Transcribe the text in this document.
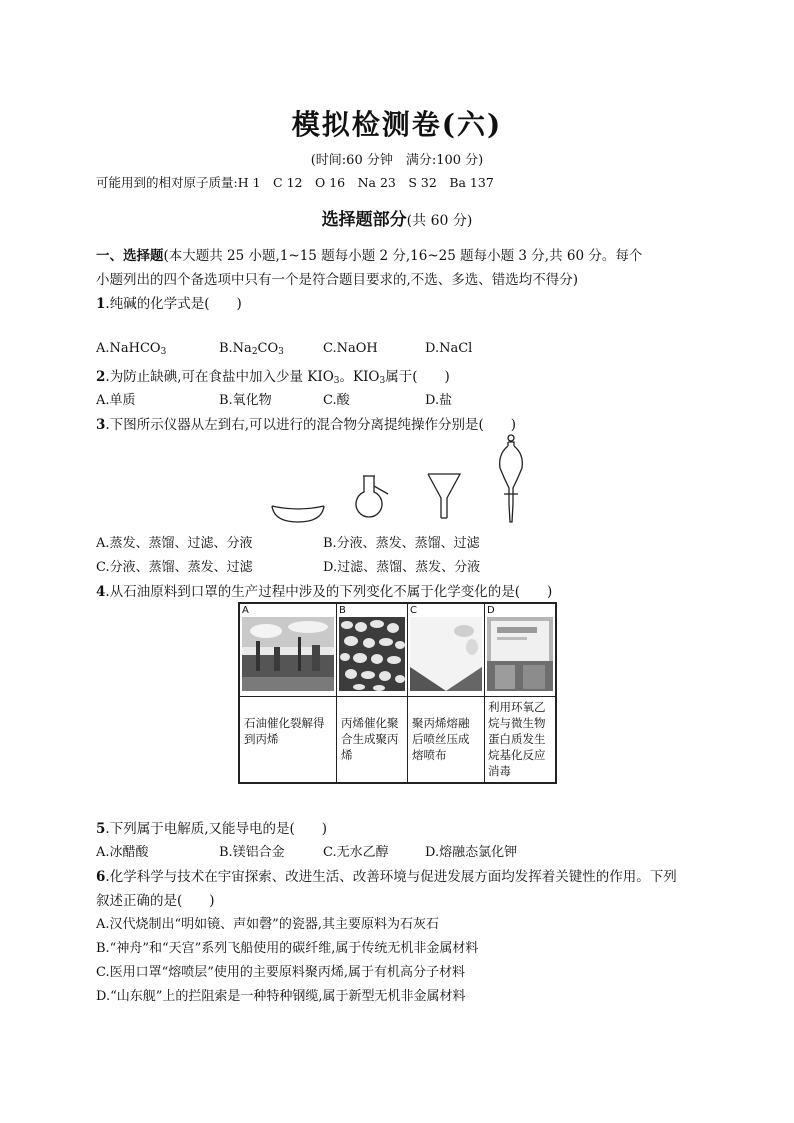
模拟检测卷(六)
(时间:60 分钟　满分:100 分)
可能用到的相对原子质量:H 1　C 12　O 16　Na 23　S 32　Ba 137
选择题部分(共 60 分)
一、选择题(本大题共 25 小题,1~15 题每小题 2 分,16~25 题每小题 3 分,共 60 分。每个
小题列出的四个备选项中只有一个是符合题目要求的,不选、多选、错选均不得分)
1.纯碱的化学式是(　　)
A.NaHCO$_3$	$B.Na_2CO_3$	C.NaOH	D.NaCl
2.为防止缺碘,可在食盐中加入少量 $KIO_3$。$KIO_3$属于(　　)
A.单质	B.氧化物	C.酸	D.盐
3.下图所示仪器从左到右,可以进行的混合物分离提纯操作分别是(　　)
A.蒸发、蒸馏、过滤、分液	B.分液、蒸发、蒸馏、过滤
C.分液、蒸馏、蒸发、过滤	D.过滤、蒸馏、蒸发、分液
4.从石油原料到口罩的生产过程中涉及的下列变化不属于化学变化的是(　　)
A	B	C	D

石油催化裂解得到丙烯	丙烯催化聚合生成聚丙烯	聚丙烯熔融后喷丝压成熔喷布	利用环氧乙烷与微生物蛋白质发生烷基化反应消毒
5.下列属于电解质,又能导电的是(　　)
A.冰醋酸	B.镁铝合金	C.无水乙醇	D.熔融态氯化钾
6.化学科学与技术在宇宙探索、改进生活、改善环境与促进发展方面均发挥着关键性的作用。下列
叙述正确的是(　　)
A.汉代烧制出“明如镜、声如磬”的瓷器,其主要原料为石灰石
B.“神舟”和“天宫”系列飞船使用的碳纤维,属于传统无机非金属材料
C.医用口罩“熔喷层”使用的主要原料聚丙烯,属于有机高分子材料
D.“山东舰”上的拦阻索是一种特种钢缆,属于新型无机非金属材料
